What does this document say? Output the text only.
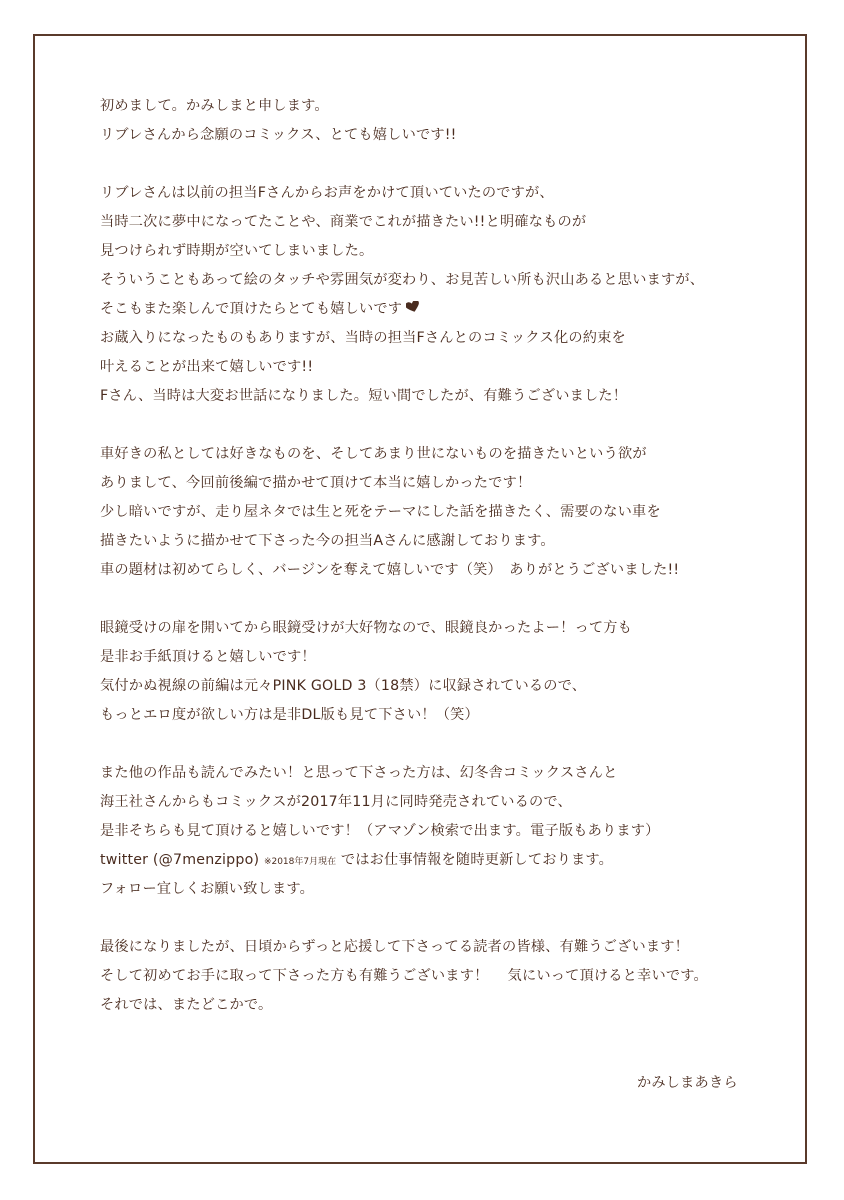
初めまして。かみしまと申します。
リブレさんから念願のコミックス、とても嬉しいです!!
リブレさんは以前の担当Fさんからお声をかけて頂いていたのですが、
当時二次に夢中になってたことや、商業でこれが描きたい!!と明確なものが
見つけられず時期が空いてしまいました。
そういうこともあって絵のタッチや雰囲気が変わり、お見苦しい所も沢山あると思いますが、
そこもまた楽しんで頂けたらとても嬉しいです
お蔵入りになったものもありますが、当時の担当Fさんとのコミックス化の約束を
叶えることが出来て嬉しいです!!
Fさん、当時は大変お世話になりました。短い間でしたが、有難うございました！
車好きの私としては好きなものを、そしてあまり世にないものを描きたいという欲が
ありまして、今回前後編で描かせて頂けて本当に嬉しかったです！
少し暗いですが、走り屋ネタでは生と死をテーマにした話を描きたく、需要のない車を
描きたいように描かせて下さった今の担当Aさんに感謝しております。
車の題材は初めてらしく、バージンを奪えて嬉しいです（笑）　ありがとうございました!!
眼鏡受けの扉を開いてから眼鏡受けが大好物なので、眼鏡良かったよー！って方も
是非お手紙頂けると嬉しいです！
気付かぬ視線の前編は元々PINK GOLD 3（18禁）に収録されているので、
もっとエロ度が欲しい方は是非DL版も見て下さい！（笑）
また他の作品も読んでみたい！と思って下さった方は、幻冬舎コミックスさんと
海王社さんからもコミックスが2017年11月に同時発売されているので、
是非そちらも見て頂けると嬉しいです！（アマゾン検索で出ます。電子版もあります）
twitter (@7menzippo) ※2018年7月現在 ではお仕事情報を随時更新しております。
フォロー宜しくお願い致します。
最後になりましたが、日頃からずっと応援して下さってる読者の皆様、有難うございます！
そして初めてお手に取って下さった方も有難うございます！　 気にいって頂けると幸いです。
それでは、またどこかで。
かみしまあきら
